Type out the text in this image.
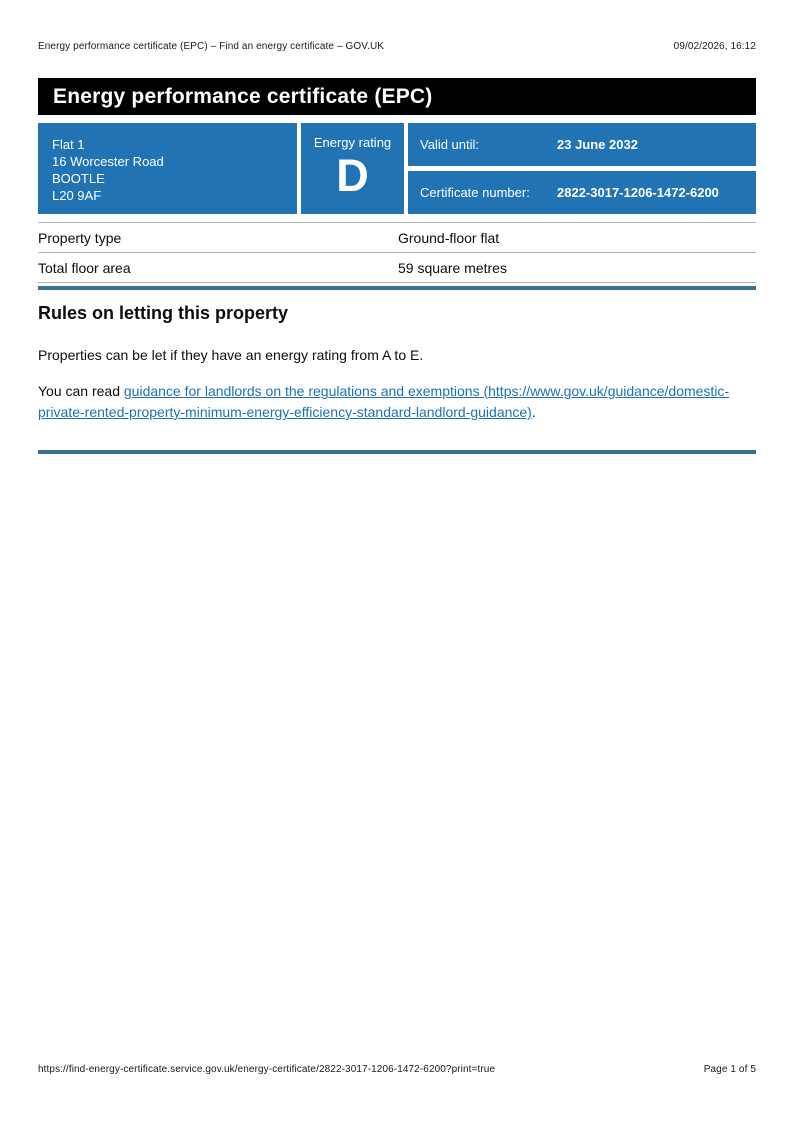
Energy performance certificate (EPC) – Find an energy certificate – GOV.UK	09/02/2026, 16:12
Energy performance certificate (EPC)
Flat 1
16 Worcester Road
BOOTLE
L20 9AF
Energy rating
D
Valid until:	23 June 2032
Certificate number:	2822-3017-1206-1472-6200
Property type	Ground-floor flat
Total floor area	59 square metres
Rules on letting this property

Properties can be let if they have an energy rating from A to E.

You can read guidance for landlords on the regulations and exemptions (https://www.gov.uk/guidance/domestic-private-rented-property-minimum-energy-efficiency-standard-landlord-guidance).

https://find-energy-certificate.service.gov.uk/energy-certificate/2822-3017-1206-1472-6200?print=true	Page 1 of 5
